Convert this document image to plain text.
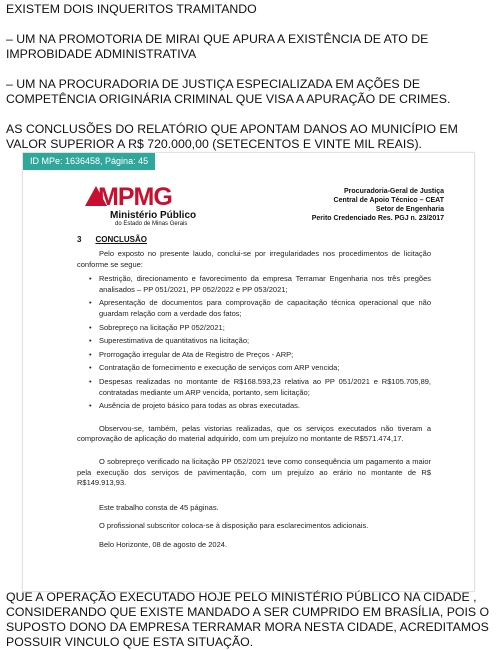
EXISTEM DOIS INQUERITOS TRAMITANDO

– UM NA PROMOTORIA DE MIRAI QUE APURA A EXISTÊNCIA DE ATO DE IMPROBIDADE ADMINISTRATIVA

– UM NA PROCURADORIA DE JUSTIÇA ESPECIALIZADA EM AÇÕES DE COMPETÊNCIA ORIGINÁRIA CRIMINAL QUE VISA A APURAÇÃO DE CRIMES.

AS CONCLUSÕES DO RELATÓRIO QUE APONTAM DANOS AO MUNICÍPIO EM VALOR SUPERIOR A R$ 720.000,00 (SETECENTOS E VINTE MIL REAIS).

ID MPe: 1636458, Página: 45
MPMG
Ministério Público
do Estado de Minas Gerais
Procuradoria-Geral de Justiça
Central de Apoio Técnico – CEAT
Setor de Engenharia
Perito Credenciado Res. PGJ n. 23/2017
3 CONCLUSÃO

Pelo exposto no presente laudo, conclui-se por irregularidades nos procedimentos de licitação conforme se segue:

• Restrição, direcionamento e favorecimento da empresa Terramar Engenharia nos três pregões analisados – PP 051/2021, PP 052/2022 e PP 053/2021;
• Apresentação de documentos para comprovação de capacitação técnica operacional que não guardam relação com a verdade dos fatos;
• Sobrepreço na licitação PP 052/2021;
• Superestimativa de quantitativos na licitação;
• Prorrogação irregular de Ata de Registro de Preços - ARP;
• Contratação de fornecimento e execução de serviços com ARP vencida;
• Despesas realizadas no montante de R$168.593,23 relativa ao PP 051/2021 e R$105.705,89, contratadas mediante um ARP vencida, portanto, sem licitação;
• Ausência de projeto básico para todas as obras executadas.

Observou-se, também, pelas vistorias realizadas, que os serviços executados não tiveram a comprovação de aplicação do material adquirido, com um prejuízo no montante de R$571.474,17.

O sobrepreço verificado na licitação PP 052/2021 teve como consequência um pagamento a maior pela execução dos serviços de pavimentação, com um prejuízo ao erário no montante de R$ R$149.913,93.

Este trabalho consta de 45 páginas.

O profissional subscritor coloca-se à disposição para esclarecimentos adicionais.

Belo Horizonte, 08 de agosto de 2024.

QUE A OPERAÇÃO EXECUTADO HOJE PELO MINISTÉRIO PÚBLICO NA CIDADE , CONSIDERANDO QUE EXISTE MANDADO A SER CUMPRIDO EM BRASÍLIA, POIS O SUPOSTO DONO DA EMPRESA TERRAMAR MORA NESTA CIDADE, ACREDITAMOS POSSUIR VINCULO QUE ESTA SITUAÇÃO.
